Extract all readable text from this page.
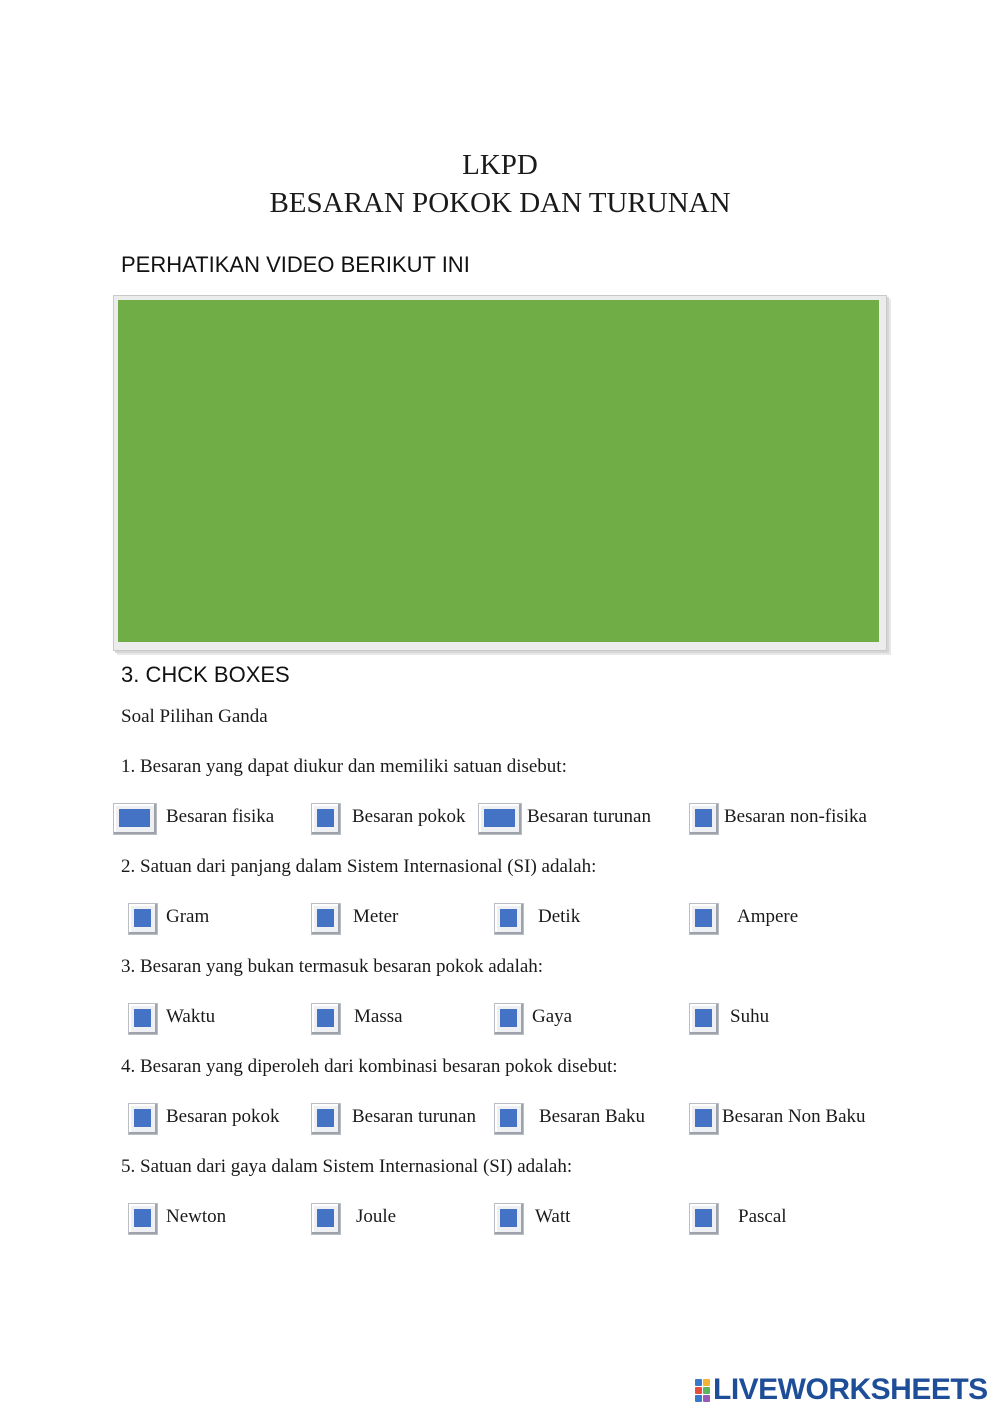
LKPD
BESARAN POKOK DAN TURUNAN
PERHATIKAN VIDEO BERIKUT INI
3. CHCK BOXES
Soal Pilihan Ganda
1. Besaran yang dapat diukur dan memiliki satuan disebut:
Besaran fisika	Besaran pokok	Besaran turunan	Besaran non-fisika
2. Satuan dari panjang dalam Sistem Internasional (SI) adalah:
Gram	Meter	Detik	Ampere
3. Besaran yang bukan termasuk besaran pokok adalah:
Waktu	Massa	Gaya	Suhu
4. Besaran yang diperoleh dari kombinasi besaran pokok disebut:
Besaran pokok	Besaran turunan	Besaran Baku	Besaran Non Baku
5. Satuan dari gaya dalam Sistem Internasional (SI) adalah:
Newton	Joule	Watt	Pascal
LIVEWORKSHEETS
